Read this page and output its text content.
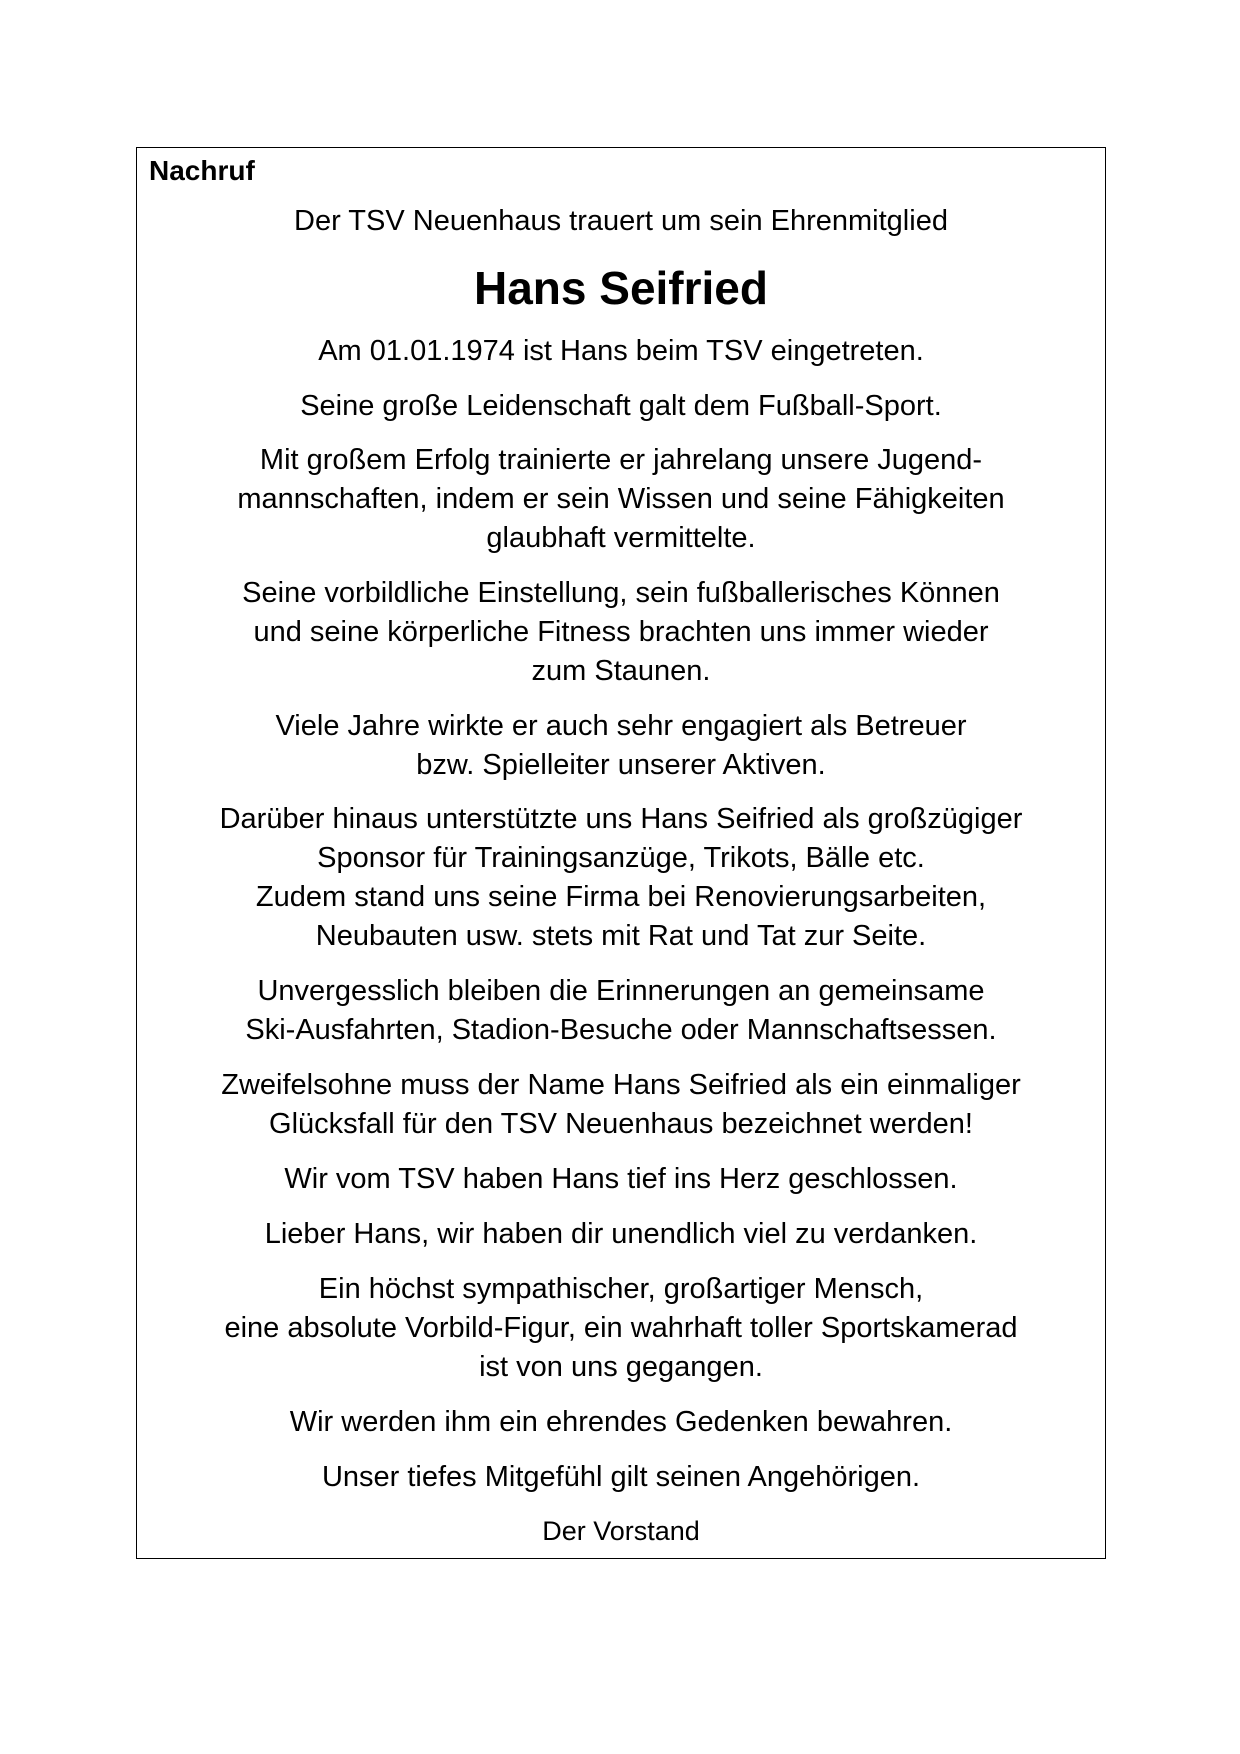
Nachruf

Der TSV Neuenhaus trauert um sein Ehrenmitglied

Hans Seifried

Am 01.01.1974 ist Hans beim TSV eingetreten.

Seine große Leidenschaft galt dem Fußball-Sport.

Mit großem Erfolg trainierte er jahrelang unsere Jugend-

mannschaften, indem er sein Wissen und seine Fähigkeiten

glaubhaft vermittelte.

Seine vorbildliche Einstellung, sein fußballerisches Können

und seine körperliche Fitness brachten uns immer wieder

zum Staunen.

Viele Jahre wirkte er auch sehr engagiert als Betreuer

bzw. Spielleiter unserer Aktiven.

Darüber hinaus unterstützte uns Hans Seifried als großzügiger

Sponsor für Trainingsanzüge, Trikots, Bälle etc.

Zudem stand uns seine Firma bei Renovierungsarbeiten,

Neubauten usw. stets mit Rat und Tat zur Seite.

Unvergesslich bleiben die Erinnerungen an gemeinsame

Ski-Ausfahrten, Stadion-Besuche oder Mannschaftsessen.

Zweifelsohne muss der Name Hans Seifried als ein einmaliger

Glücksfall für den TSV Neuenhaus bezeichnet werden!

Wir vom TSV haben Hans tief ins Herz geschlossen.

Lieber Hans, wir haben dir unendlich viel zu verdanken.

Ein höchst sympathischer, großartiger Mensch,

eine absolute Vorbild-Figur, ein wahrhaft toller Sportskamerad

ist von uns gegangen.

Wir werden ihm ein ehrendes Gedenken bewahren.

Unser tiefes Mitgefühl gilt seinen Angehörigen.

Der Vorstand
